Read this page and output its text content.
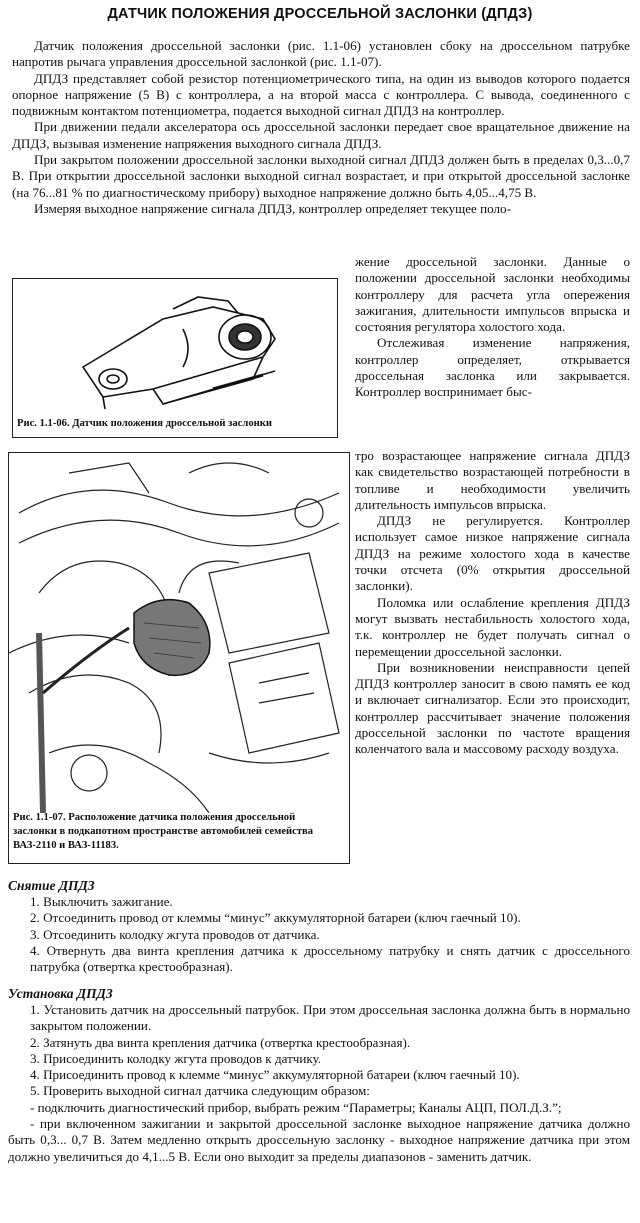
ДАТЧИК ПОЛОЖЕНИЯ ДРОССЕЛЬНОЙ ЗАСЛОНКИ (ДПДЗ)

Датчик положения дроссельной заслонки (рис. 1.1-06) установлен сбоку на дроссельном патрубке напротив рычага управления дроссельной заслонкой (рис. 1.1-07).

ДПДЗ представляет собой резистор потенциометрического типа, на один из выводов которого подается опорное напряжение (5 В) с контроллера, а на второй масса с контроллера. С вывода, соединенного с подвижным контактом потенциометра, подается выходной сигнал ДПДЗ на контроллер.

При движении педали акселератора ось дроссельной заслонки передает свое вращательное движение на ДПДЗ, вызывая изменение напряжения выходного сигнала ДПДЗ.

При закрытом положении дроссельной заслонки выходной сигнал ДПДЗ должен быть в пределах 0,3...0,7 В. При открытии дроссельной заслонки выходной сигнал возрастает, и при открытой дроссельной заслонке (на 76...81 % по диагностическому прибору) выходное напряжение должно быть 4,05...4,75 В.

Измеряя выходное напряжение сигнала ДПДЗ, контроллер определяет текущее поло-

Рис. 1.1-06. Датчик положения дроссельной заслонки

жение дроссельной заслонки. Данные о положении дроссельной заслонки необходимы контроллеру для расчета угла опережения зажигания, длительности импульсов впрыска и состояния регулятора холостого хода.

Отслеживая изменение напряжения, контроллер определяет, открывается дроссельная заслонка или закрывается. Контроллер воспринимает быс-

Рис. 1.1-07. Расположение датчика положения дроссельной заслонки в подкапотном пространстве автомобилей семейства ВАЗ-2110 и ВАЗ-11183.

тро возрастающее напряжение сигнала ДПДЗ как свидетельство возрастающей потребности в топливе и необходимости увеличить длительность импульсов впрыска.

ДПДЗ не регулируется. Контроллер использует самое низкое напряжение сигнала ДПДЗ на режиме холостого хода в качестве точки отсчета (0% открытия дроссельной заслонки).

Поломка или ослабление крепления ДПДЗ могут вызвать нестабильность холостого хода, т.к. контроллер не будет получать сигнал о перемещении дроссельной заслонки.

При возникновении неисправности цепей ДПДЗ контроллер заносит в свою память ее код и включает сигнализатор. Если это происходит, контроллер рассчитывает значение положения дроссельной заслонки по частоте вращения коленчатого вала и массовому расходу воздуха.

Снятие ДПДЗ

1. Выключить зажигание.
2. Отсоединить провод от клеммы “минус” аккумуляторной батареи (ключ гаечный 10).
3. Отсоединить колодку жгута проводов от датчика.
4. Отвернуть два винта крепления датчика к дроссельному патрубку и снять датчик с дроссельного патрубка (отвертка крестообразная).

Установка ДПДЗ

1. Установить датчик на дроссельный патрубок. При этом дроссельная заслонка должна быть в нормально закрытом положении.
2. Затянуть два винта крепления датчика (отвертка крестообразная).
3. Присоединить колодку жгута проводов к датчику.
4. Присоединить провод к клемме “минус” аккумуляторной батареи (ключ гаечный 10).
5. Проверить выходной сигнал датчика следующим образом:

- подключить диагностический прибор, выбрать режим “Параметры; Каналы АЦП, ПОЛ.Д.З.”;

- при включенном зажигании и закрытой дроссельной заслонке выходное напряжение датчика должно быть 0,3... 0,7 В. Затем медленно открыть дроссельную заслонку - выходное напряжение датчика при этом должно увеличиться до 4,1...5 В. Если оно выходит за пределы диапазонов - заменить датчик.
